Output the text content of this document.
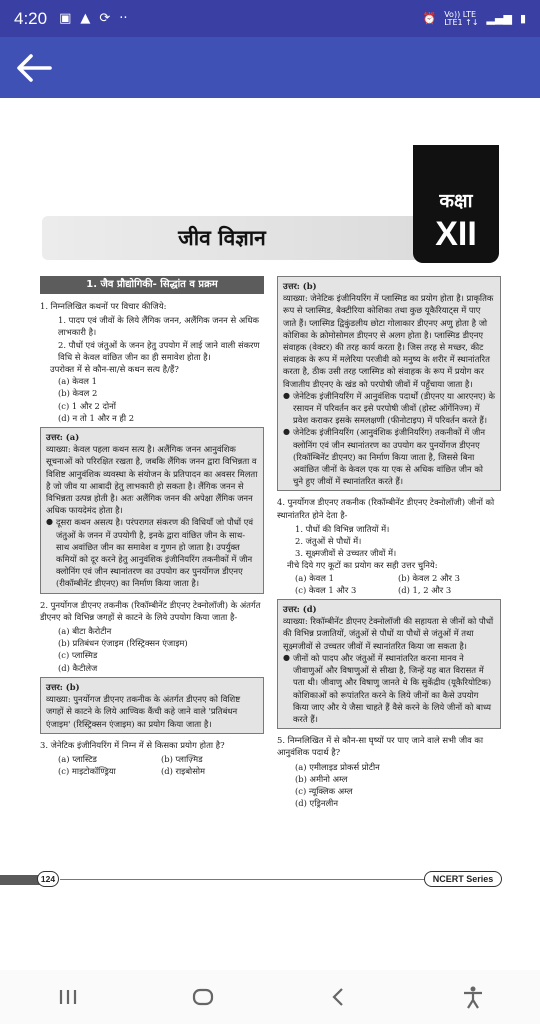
4:20 ▣ ▲ ⟳ ··	⏰ Vo)) LTE
LTE1 ↑↓ ▂▄▆ ▮
जीव विज्ञान
कक्षा
XII
1. जैव प्रौद्योगिकी- सिद्धांत व प्रक्रम
1. निम्नलिखित कथनों पर विचार कीजिये:
1. पादप एवं जीवों के लिये लैंगिक जनन, अलैंगिक जनन से अधिक लाभकारी है।
2. पौधों एवं जंतुओं के जनन हेतु उपयोग में लाई जाने वाली संकरण विधि से केवल वांछित जीन का ही समावेश होता है।
उपरोक्त में से कौन-सा/से कथन सत्य है/हैं?
(a) केवल 1
(b) केवल 2
(c) 1 और 2 दोनों
(d) न तो 1 और न ही 2
उत्तर: (a)
व्याख्या: केवल पहला कथन सत्य है। अलैंगिक जनन आनुवंशिक सूचनाओं को परिरक्षित रखता है, जबकि लैंगिक जनन द्वारा विभिन्नता व विशिष्ट आनुवंशिक व्यवस्था के संयोजन के प्रतिपादन का अवसर मिलता है जो जीव या आबादी हेतु लाभकारी हो सकता है। लैंगिक जनन से विभिन्नता उत्पन्न होती है। अतः अलैंगिक जनन की अपेक्षा लैंगिक जनन अधिक फायदेमंद होता है।
● दूसरा कथन असत्य है। परंपरागत संकरण की विधियाँ जो पौधों एवं जंतुओं के जनन में उपयोगी है, इनके द्वारा वांछित जीन के साथ-साथ अवांछित जीन का समावेश व गुणन हो जाता है। उपर्युक्त कमियों को दूर करने हेतु आनुवंशिक इंजीनियरिंग तकनीकों में जीन क्लोनिंग एवं जीन स्थानांतरण का उपयोग कर पुनर्योगज डीएनए (रीकॉम्बीनेंट डीएनए) का निर्माण किया जाता है।
2. पुनर्योगज डीएनए तकनीक (रिकॉम्बीनेंट डीएनए टेक्नोलॉजी) के अंतर्गत डीएनए को विभिन्न जगहों से काटने के लिये उपयोग किया जाता है-
(a) बीटा कैरोटीन
(b) प्रतिबंधन एंजाइम (रिस्ट्रिक्सन एंजाइम)
(c) प्लास्मिड
(d) कैटीलेज
उत्तर: (b)
व्याख्या: पुनर्योगज डीएनए तकनीक के अंतर्गत डीएनए को विशिष्ट जगहों से काटने के लिये आण्विक कैंची कहे जाने वाले 'प्रतिबंधन एंजाइम' (रिस्ट्रिक्सन एंजाइम) का प्रयोग किया जाता है।
3. जेनेटिक इंजीनियरिंग में निम्न में से किसका प्रयोग होता है?
(a) प्लास्टिड	(b) प्लाज़्मिड
(c) माइटोकॉण्ड्रिया	(d) राइबोसोम
उत्तर: (b)
व्याख्या: जेनेटिक इंजीनियरिंग में प्लास्मिड का प्रयोग होता है। प्राकृतिक रूप से प्लास्मिड, बैक्टीरिया कोशिका तथा कुछ यूकैरियाट्स में पाए जाते हैं। प्लास्मिड द्विकुंडलीय छोटा गोलाकार डीएनए अणु होता है जो कोशिका के क्रोमोसोमल डीएनए से अलग होता है। प्लास्मिड डीएनए संवाहक (वेक्टर) की तरह कार्य करता है। जिस तरह से मच्छर, कीट संवाहक के रूप में मलेरिया परजीवी को मनुष्य के शरीर में स्थानांतरित करता है, ठीक उसी तरह प्लास्मिड को संवाहक के रूप में प्रयोग कर विजातीय डीएनए के खंड को परपोषी जीवों में पहुँचाया जाता है।
● जेनेटिक इंजीनियरिंग में आनुवंशिक पदार्थों (डीएनए या आरएनए) के रसायन में परिवर्तन कर इसे परपोषी जीवों (होस्ट ऑर्गेनिज्म) में प्रवेश कराकर इसके समलक्षणी (फीनोटाइप) में परिवर्तन करते हैं।
● जेनेटिक इंजीनियरिंग (आनुवंशिक इंजीनियरिंग) तकनीकों में जीन क्लोनिंग एवं जीन स्थानांतरण का उपयोग कर पुनर्योगज डीएनए (रिकॉम्बिनेंट डीएनए) का निर्माण किया जाता है, जिससे बिना अवांछित जीनों के केवल एक या एक से अधिक वांछित जीन को चुने हुए जीवों में स्थानांतरित करते हैं।
4. पुनर्योगज डीएनए तकनीक (रिकॉम्बीनेंट डीएनए टेक्नोलॉजी) जीनों को स्थानांतरित होने देता है-
1. पौधों की विभिन्न जातियों में।
2. जंतुओं से पौधों में।
3. सूक्ष्मजीवों से उच्चतर जीवों में।
नीचे दिये गए कूटों का प्रयोग कर सही उत्तर चुनिये:
(a) केवल 1	(b) केवल 2 और 3
(c) केवल 1 और 3	(d) 1, 2 और 3
उत्तर: (d)
व्याख्या: रिकॉम्बीनेंट डीएनए टेक्नोलॉजी की सहायता से जीनों को पौधों की विभिन्न प्रजातियों, जंतुओं से पौधों या पौधों से जंतुओं में तथा सूक्ष्मजीवों से उच्चतर जीवों में स्थानांतरित किया जा सकता है।
● जीनों को पादप और जंतुओं में स्थानांतरित करना मानव ने जीवाणुओं और विषाणुओं से सीखा है, जिन्हें यह बात विरासत में पता थी। जीवाणु और विषाणु जानते थे कि सुकेंद्रीय (यूकैरियोटिक) कोशिकाओं को रूपांतरित करने के लिये जीनों का कैसे उपयोग किया जाए और ये जैसा चाहते हैं वैसे करने के लिये जीनों को बाध्य करते हैं।
5. निम्नलिखित में से कौन-सा घृष्यों पर पाए जाने वाले सभी जीव का आनुवंशिक पदार्थ है?
(a) एमीलाइड प्रोकर्स प्रोटीन
(b) अमीनो अम्ल
(c) न्यूक्लिक अम्ल
(d) एड्रिनलीन
124	NCERT Series
